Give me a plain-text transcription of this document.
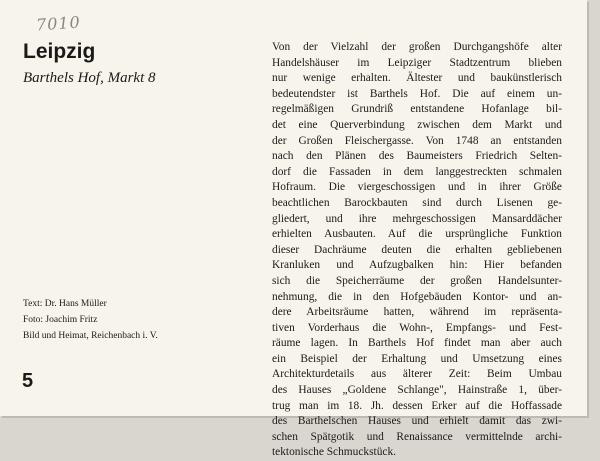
7010
Leipzig
Barthels Hof, Markt 8
Text: Dr. Hans Müller
Foto: Joachim Fritz
Bild und Heimat, Reichenbach i. V.
5
Von der Vielzahl der großen Durchgangshöfe alter
Handelshäuser im Leipziger Stadtzentrum blieben
nur wenige erhalten. Ältester und baukünstlerisch
bedeutendster ist Barthels Hof. Die auf einem un-
regelmäßigen Grundriß entstandene Hofanlage bil-
det eine Querverbindung zwischen dem Markt und
der Großen Fleischergasse. Von 1748 an entstanden
nach den Plänen des Baumeisters Friedrich Selten-
dorf die Fassaden in dem langgestreckten schmalen
Hofraum. Die viergeschossigen und in ihrer Größe
beachtlichen Barockbauten sind durch Lisenen ge-
gliedert, und ihre mehrgeschossigen Mansarddächer
erhielten Ausbauten. Auf die ursprüngliche Funktion
dieser Dachräume deuten die erhalten gebliebenen
Kranluken und Aufzugbalken hin: Hier befanden
sich die Speicherräume der großen Handelsunter-
nehmung, die in den Hofgebäuden Kontor- und an-
dere Arbeitsräume hatten, während im repräsenta-
tiven Vorderhaus die Wohn-, Empfangs- und Fest-
räume lagen. In Barthels Hof findet man aber auch
ein Beispiel der Erhaltung und Umsetzung eines
Architekturdetails aus älterer Zeit: Beim Umbau
des Hauses „Goldene Schlange", Hainstraße 1, über-
trug man im 18. Jh. dessen Erker auf die Hoffassade
des Barthelschen Hauses und erhielt damit das zwi-
schen Spätgotik und Renaissance vermittelnde archi-
tektonische Schmuckstück.
